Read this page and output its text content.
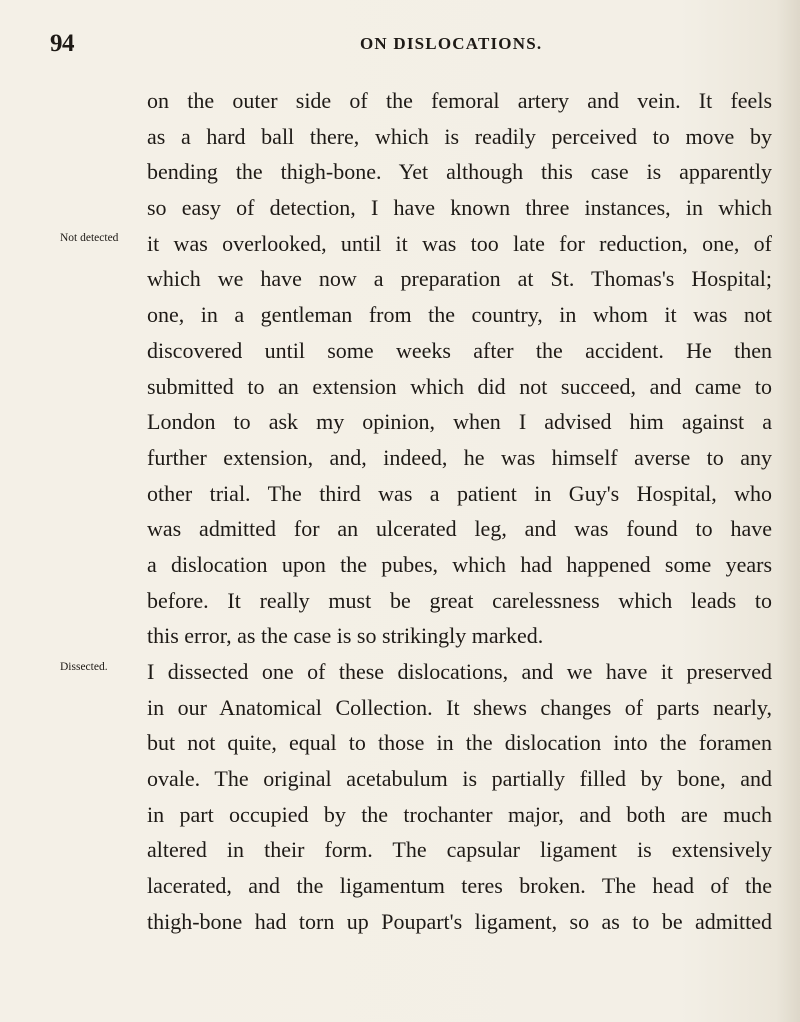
94	ON DISLOCATIONS.
Not detected
Dissected.
on the outer side of the femoral artery and vein. It feels
as a hard ball there, which is readily perceived to move by
bending the thigh-bone. Yet although this case is apparently
so easy of detection, I have known three instances, in which
it was overlooked, until it was too late for reduction, one, of
which we have now a preparation at St. Thomas's Hospital;
one, in a gentleman from the country, in whom it was not
discovered until some weeks after the accident. He then
submitted to an extension which did not succeed, and came to
London to ask my opinion, when I advised him against a
further extension, and, indeed, he was himself averse to any
other trial. The third was a patient in Guy's Hospital, who
was admitted for an ulcerated leg, and was found to have
a dislocation upon the pubes, which had happened some years
before. It really must be great carelessness which leads to
this error, as the case is so strikingly marked.
I dissected one of these dislocations, and we have it preserved
in our Anatomical Collection. It shews changes of parts nearly,
but not quite, equal to those in the dislocation into the foramen
ovale. The original acetabulum is partially filled by bone, and
in part occupied by the trochanter major, and both are much
altered in their form. The capsular ligament is extensively
lacerated, and the ligamentum teres broken. The head of the
thigh-bone had torn up Poupart's ligament, so as to be admitted
